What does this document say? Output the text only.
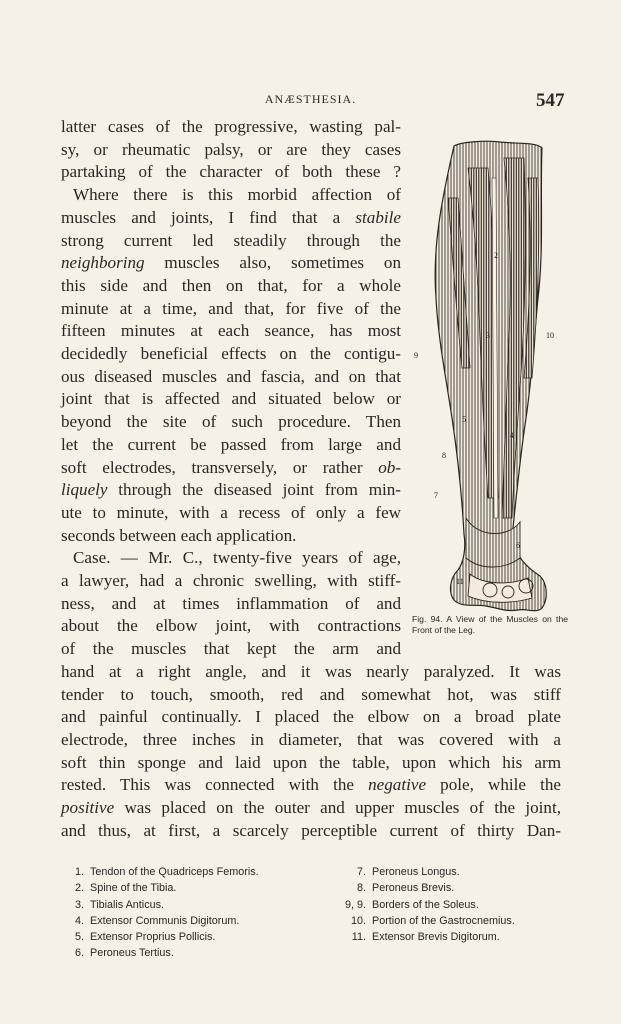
ANÆSTHESIA.	547
latter cases of the progressive, wasting pal-
sy, or rheumatic palsy, or are they cases
partaking of the character of both these ?
Where there is this morbid affection of
muscles and joints, I find that a stabile
strong current led steadily through the
neighboring muscles also, sometimes on
this side and then on that, for a whole
minute at a time, and that, for five of the
fifteen minutes at each seance, has most
decidedly beneficial effects on the contigu-
ous diseased muscles and fascia, and on that
joint that is affected and situated below or
beyond the site of such procedure. Then
let the current be passed from large and
soft electrodes, transversely, or rather ob-
liquely through the diseased joint from min-
ute to minute, with a recess of only a few
seconds between each application.
Case. — Mr. C., twenty-five years of age,
a lawyer, had a chronic swelling, with stiff-
ness, and at times inflammation of and
about the elbow joint, with contractions
of the muscles that kept the arm and
hand at a right angle, and it was nearly paralyzed. It was
tender to touch, smooth, red and somewhat hot, was stiff
and painful continually. I placed the elbow on a broad plate
electrode, three inches in diameter, that was covered with a
soft thin sponge and laid upon the table, upon which his arm
rested. This was connected with the negative pole, while the
positive was placed on the outer and upper muscles of the joint,
and thus, at first, a scarcely perceptible current of thirty Dan-
9
10
5
3
8
4
7
2
11
6
Fig. 94. A View of the Muscles on the Front of the Leg.
1. Tendon of the Quadriceps Femoris.
2. Spine of the Tibia.
3. Tibialis Anticus.
4. Extensor Communis Digitorum.
5. Extensor Proprius Pollicis.
6. Peroneus Tertius.
7. Peroneus Longus.
8. Peroneus Brevis.
9, 9. Borders of the Soleus.
10. Portion of the Gastrocnemius.
11. Extensor Brevis Digitorum.
